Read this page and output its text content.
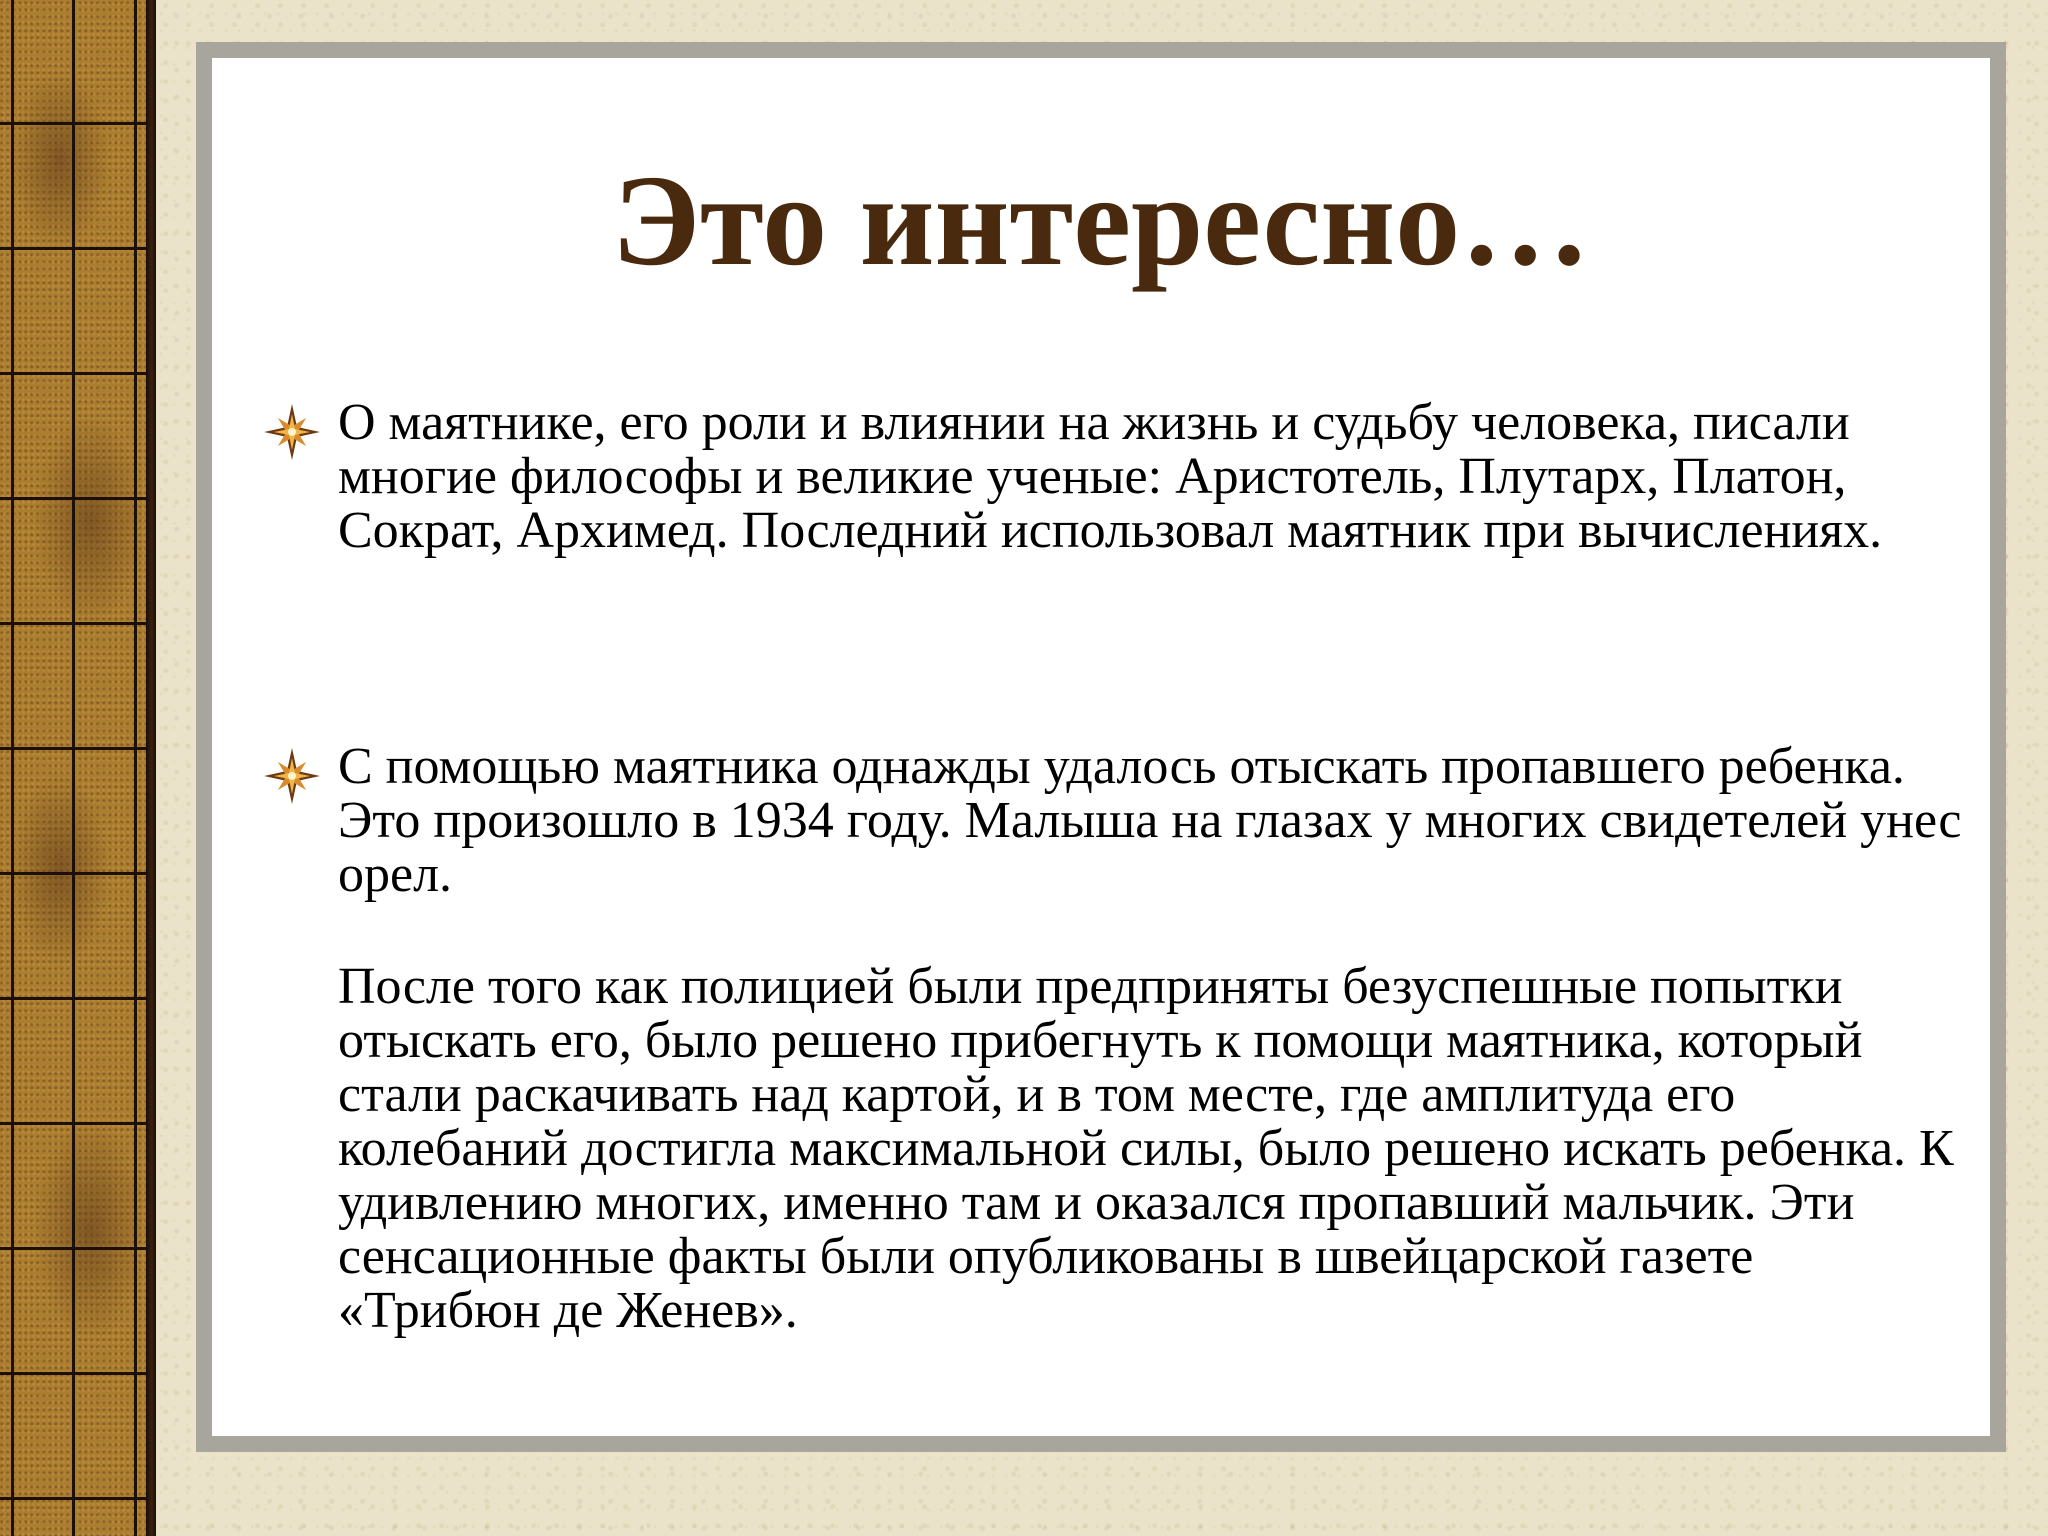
Это интересно…

О маятнике, его роли и влиянии на жизнь и судьбу человека, писали многие философы и великие ученые: Аристотель, Плутарх, Платон, Сократ, Архимед. Последний использовал маятник при вычислениях.

С помощью маятника однажды удалось отыскать пропавшего ребенка. Это произошло в 1934 году. Малыша на глазах у многих свидетелей унес орел.

После того как полицией были предприняты безуспешные попытки отыскать его, было решено прибегнуть к помощи маятника, который стали раскачивать над картой, и в том месте, где амплитуда его колебаний достигла максимальной силы, было решено искать ребенка. К удивлению многих, именно там и оказался пропавший мальчик. Эти сенсационные факты были опубликованы в швейцарской газете «Трибюн де Женев».
